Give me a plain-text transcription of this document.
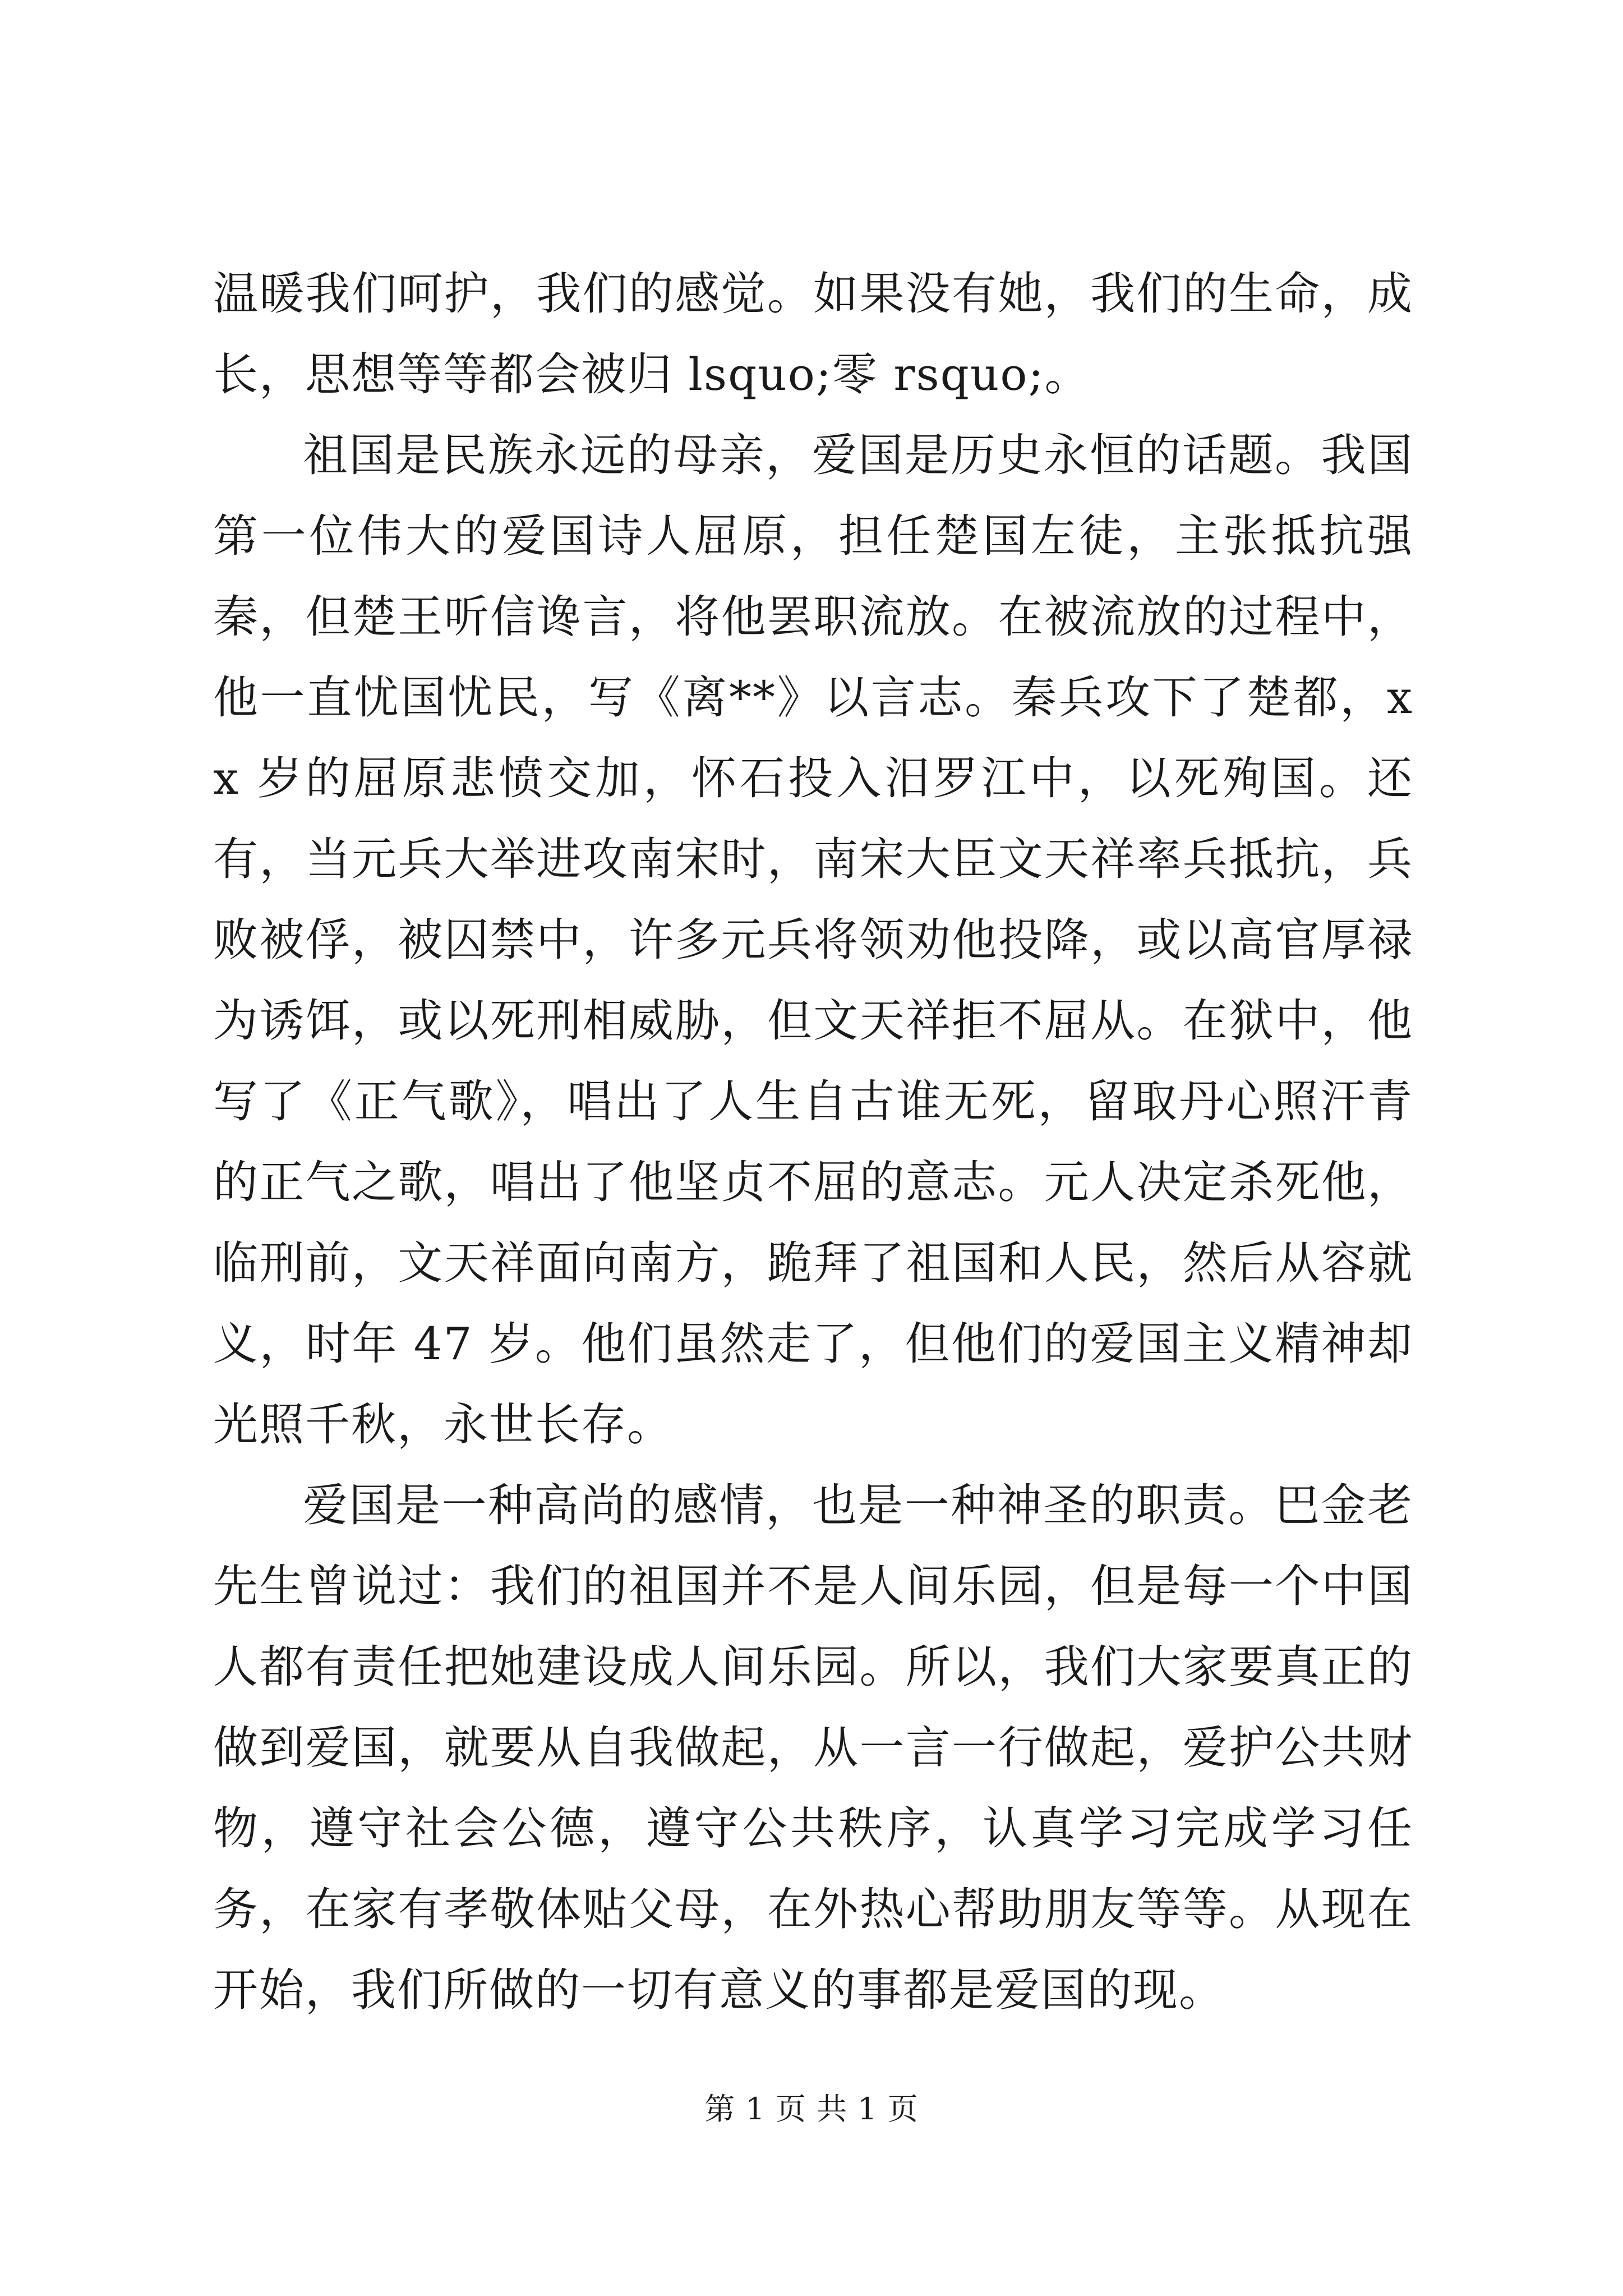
温暖我们呵护，我们的感觉。如果没有她，我们的生命，成长，思想等等都会被归 lsquo;零 rsquo;。

祖国是民族永远的母亲，爱国是历史永恒的话题。我国第一位伟大的爱国诗人屈原，担任楚国左徒，主张抵抗强秦，但楚王听信谗言，将他罢职流放。在被流放的过程中，他一直忧国忧民，写《离**》以言志。秦兵攻下了楚都，xx 岁的屈原悲愤交加，怀石投入汨罗江中，以死殉国。还有，当元兵大举进攻南宋时，南宋大臣文天祥率兵抵抗，兵败被俘，被囚禁中，许多元兵将领劝他投降，或以高官厚禄为诱饵，或以死刑相威胁，但文天祥拒不屈从。在狱中，他写了《正气歌》，唱出了人生自古谁无死，留取丹心照汗青的正气之歌，唱出了他坚贞不屈的意志。元人决定杀死他，临刑前，文天祥面向南方，跪拜了祖国和人民，然后从容就义，时年 47 岁。他们虽然走了，但他们的爱国主义精神却光照千秋，永世长存。

爱国是一种高尚的感情，也是一种神圣的职责。巴金老先生曾说过：我们的祖国并不是人间乐园，但是每一个中国人都有责任把她建设成人间乐园。所以，我们大家要真正的做到爱国，就要从自我做起，从一言一行做起，爱护公共财物，遵守社会公德，遵守公共秩序，认真学习完成学习任务，在家有孝敬体贴父母，在外热心帮助朋友等等。从现在开始，我们所做的一切有意义的事都是爱国的现。

第 1 页 共 1 页
